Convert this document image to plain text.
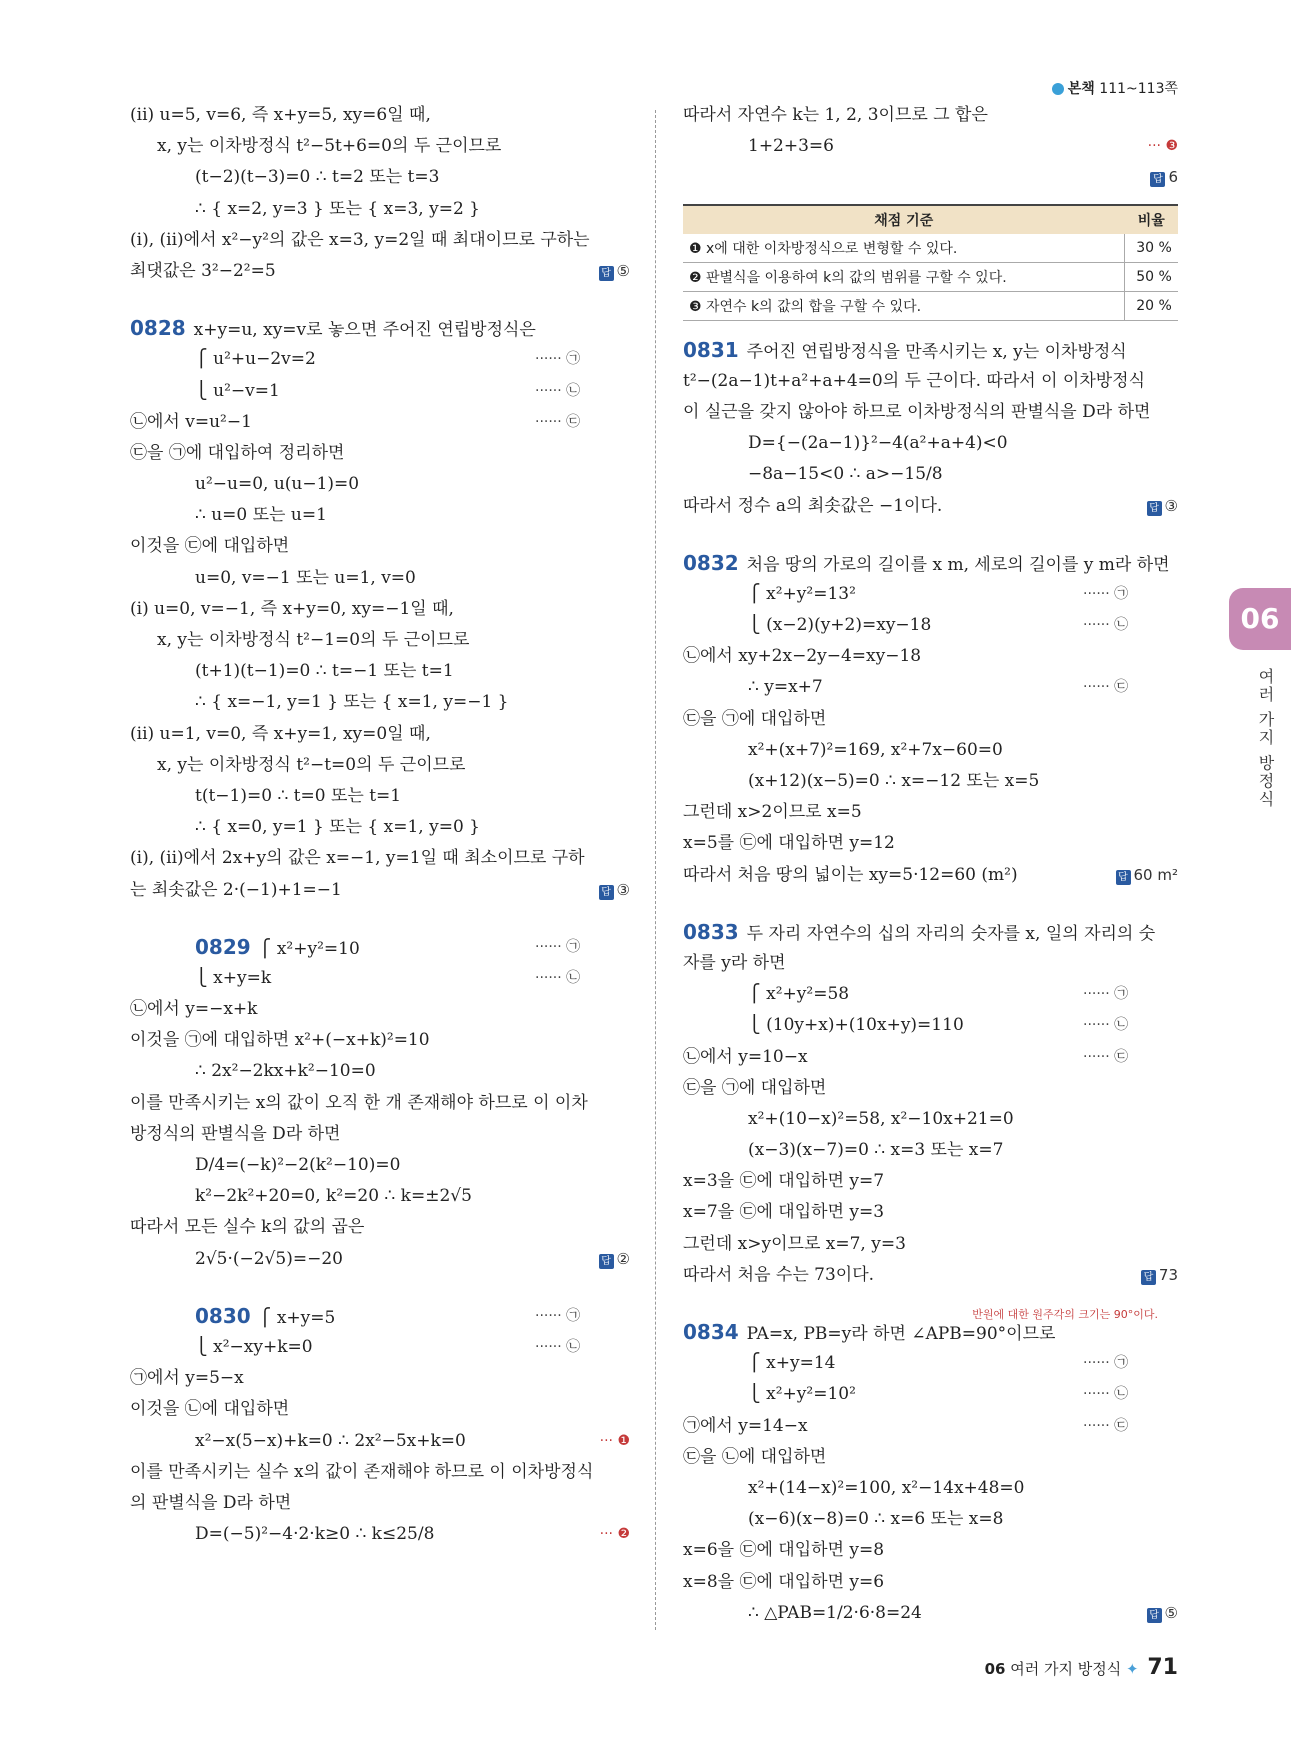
본책 111~113쪽
(ii) u=5, v=6, 즉 x+y=5, xy=6일 때,
x, y는 이차방정식 t²−5t+6=0의 두 근이므로
(t−2)(t−3)=0 ∴ t=2 또는 t=3
∴ { x=2, y=3 } 또는 { x=3, y=2 }
(i), (ii)에서 x²−y²의 값은 x=3, y=2일 때 최대이므로 구하는
최댓값은 3²−2²=5	답 ⑤
0828 x+y=u, xy=v로 놓으면 주어진 연립방정식은
⎧ u²+u−2v=2	······ ㉠
⎩ u²−v=1	······ ㉡
㉡에서 v=u²−1	······ ㉢
㉢을 ㉠에 대입하여 정리하면
u²−u=0, u(u−1)=0
∴ u=0 또는 u=1
이것을 ㉢에 대입하면
u=0, v=−1 또는 u=1, v=0
(i) u=0, v=−1, 즉 x+y=0, xy=−1일 때,
x, y는 이차방정식 t²−1=0의 두 근이므로
(t+1)(t−1)=0 ∴ t=−1 또는 t=1
∴ { x=−1, y=1 } 또는 { x=1, y=−1 }
(ii) u=1, v=0, 즉 x+y=1, xy=0일 때,
x, y는 이차방정식 t²−t=0의 두 근이므로
t(t−1)=0 ∴ t=0 또는 t=1
∴ { x=0, y=1 } 또는 { x=1, y=0 }
(i), (ii)에서 2x+y의 값은 x=−1, y=1일 때 최소이므로 구하
는 최솟값은 2·(−1)+1=−1	답 ③
0829 ⎧ x²+y²=10	······ ㉠
⎩ x+y=k	······ ㉡
㉡에서 y=−x+k
이것을 ㉠에 대입하면 x²+(−x+k)²=10
∴ 2x²−2kx+k²−10=0
이를 만족시키는 x의 값이 오직 한 개 존재해야 하므로 이 이차
방정식의 판별식을 D라 하면
D/4=(−k)²−2(k²−10)=0
k²−2k²+20=0, k²=20 ∴ k=±2√5
따라서 모든 실수 k의 값의 곱은
2√5·(−2√5)=−20	답 ②
0830 ⎧ x+y=5	······ ㉠
⎩ x²−xy+k=0	······ ㉡
㉠에서 y=5−x
이것을 ㉡에 대입하면
x²−x(5−x)+k=0 ∴ 2x²−5x+k=0	··· ❶
이를 만족시키는 실수 x의 값이 존재해야 하므로 이 이차방정식
의 판별식을 D라 하면
D=(−5)²−4·2·k≥0 ∴ k≤25/8	··· ❷
따라서 자연수 k는 1, 2, 3이므로 그 합은
1+2+3=6	··· ❸
답 6
채점 기준	비율
❶ x에 대한 이차방정식으로 변형할 수 있다.	30 %
❷ 판별식을 이용하여 k의 값의 범위를 구할 수 있다.	50 %
❸ 자연수 k의 값의 합을 구할 수 있다.	20 %
0831 주어진 연립방정식을 만족시키는 x, y는 이차방정식
t²−(2a−1)t+a²+a+4=0의 두 근이다. 따라서 이 이차방정식
이 실근을 갖지 않아야 하므로 이차방정식의 판별식을 D라 하면
D={−(2a−1)}²−4(a²+a+4)<0
−8a−15<0 ∴ a>−15/8
따라서 정수 a의 최솟값은 −1이다.	답 ③
0832 처음 땅의 가로의 길이를 x m, 세로의 길이를 y m라 하면
⎧ x²+y²=13²	······ ㉠
⎩ (x−2)(y+2)=xy−18	······ ㉡
㉡에서 xy+2x−2y−4=xy−18
∴ y=x+7	······ ㉢
㉢을 ㉠에 대입하면
x²+(x+7)²=169, x²+7x−60=0
(x+12)(x−5)=0 ∴ x=−12 또는 x=5
그런데 x>2이므로 x=5
x=5를 ㉢에 대입하면 y=12
따라서 처음 땅의 넓이는 xy=5·12=60 (m²)	답 60 m²
0833 두 자리 자연수의 십의 자리의 숫자를 x, 일의 자리의 숫
자를 y라 하면
⎧ x²+y²=58	······ ㉠
⎩ (10y+x)+(10x+y)=110	······ ㉡
㉡에서 y=10−x	······ ㉢
㉢을 ㉠에 대입하면
x²+(10−x)²=58, x²−10x+21=0
(x−3)(x−7)=0 ∴ x=3 또는 x=7
x=3을 ㉢에 대입하면 y=7
x=7을 ㉢에 대입하면 y=3
그런데 x>y이므로 x=7, y=3
따라서 처음 수는 73이다.	답 73
0834 PA=x, PB=y라 하면 ∠APB=90°이므로
반원에 대한 원주각의 크기는 90°이다.
⎧ x+y=14	······ ㉠
⎩ x²+y²=10²	······ ㉡
㉠에서 y=14−x	······ ㉢
㉢을 ㉡에 대입하면
x²+(14−x)²=100, x²−14x+48=0
(x−6)(x−8)=0 ∴ x=6 또는 x=8
x=6을 ㉢에 대입하면 y=8
x=8을 ㉢에 대입하면 y=6
∴ △PAB=1/2·6·8=24	답 ⑤
06
여러 가지 방정식
06 여러 가지 방정식 ✦ 71
